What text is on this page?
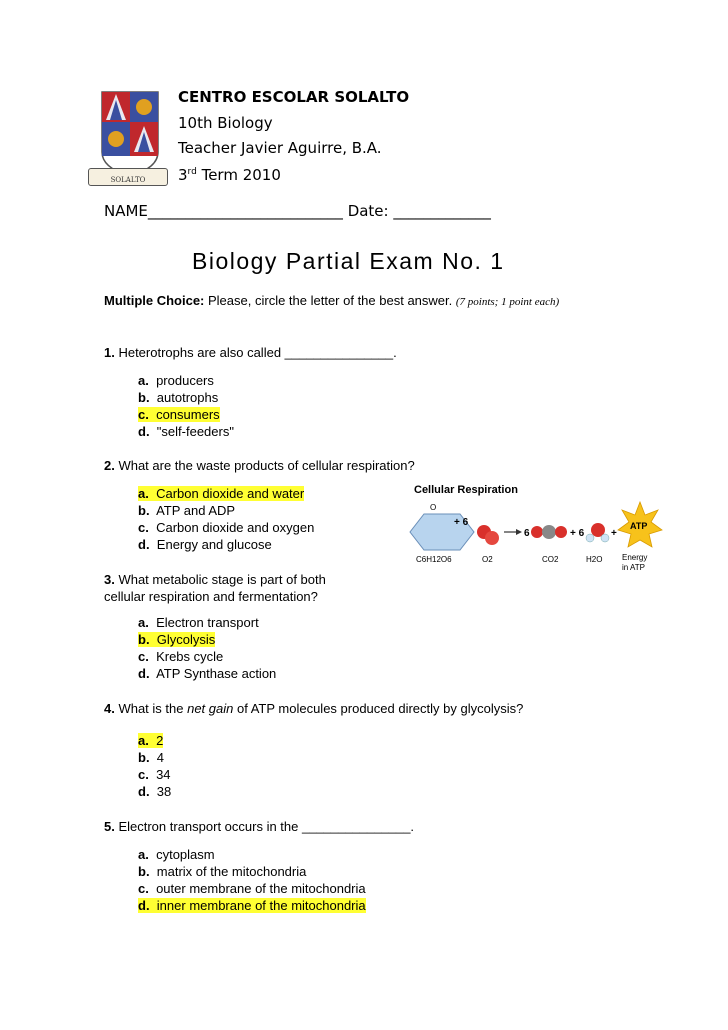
SOLALTO
CENTRO ESCOLAR SOLALTO
10th Biology
Teacher Javier Aguirre, B.A.
3rd Term 2010
NAME__________________________ Date: _____________
Biology Partial Exam No. 1
Multiple Choice: Please, circle the letter of the best answer. (7 points; 1 point each)
1. Heterotrophs are also called _______________.
a. producers
b. autotrophs
c. consumers
d. "self-feeders"
2. What are the waste products of cellular respiration?
a. Carbon dioxide and water
b. ATP and ADP
c. Carbon dioxide and oxygen
d. Energy and glucose
Cellular Respiration
O
C6H12O6
+ 6
O2
6
CO2
+ 6
H2O
+
ATP
Energy
in ATP
3. What metabolic stage is part of both
cellular respiration and fermentation?
a. Electron transport
b. Glycolysis
c. Krebs cycle
d. ATP Synthase action
4. What is the net gain of ATP molecules produced directly by glycolysis?
a. 2
b. 4
c. 34
d. 38
5. Electron transport occurs in the _______________.
a. cytoplasm
b. matrix of the mitochondria
c. outer membrane of the mitochondria
d. inner membrane of the mitochondria
